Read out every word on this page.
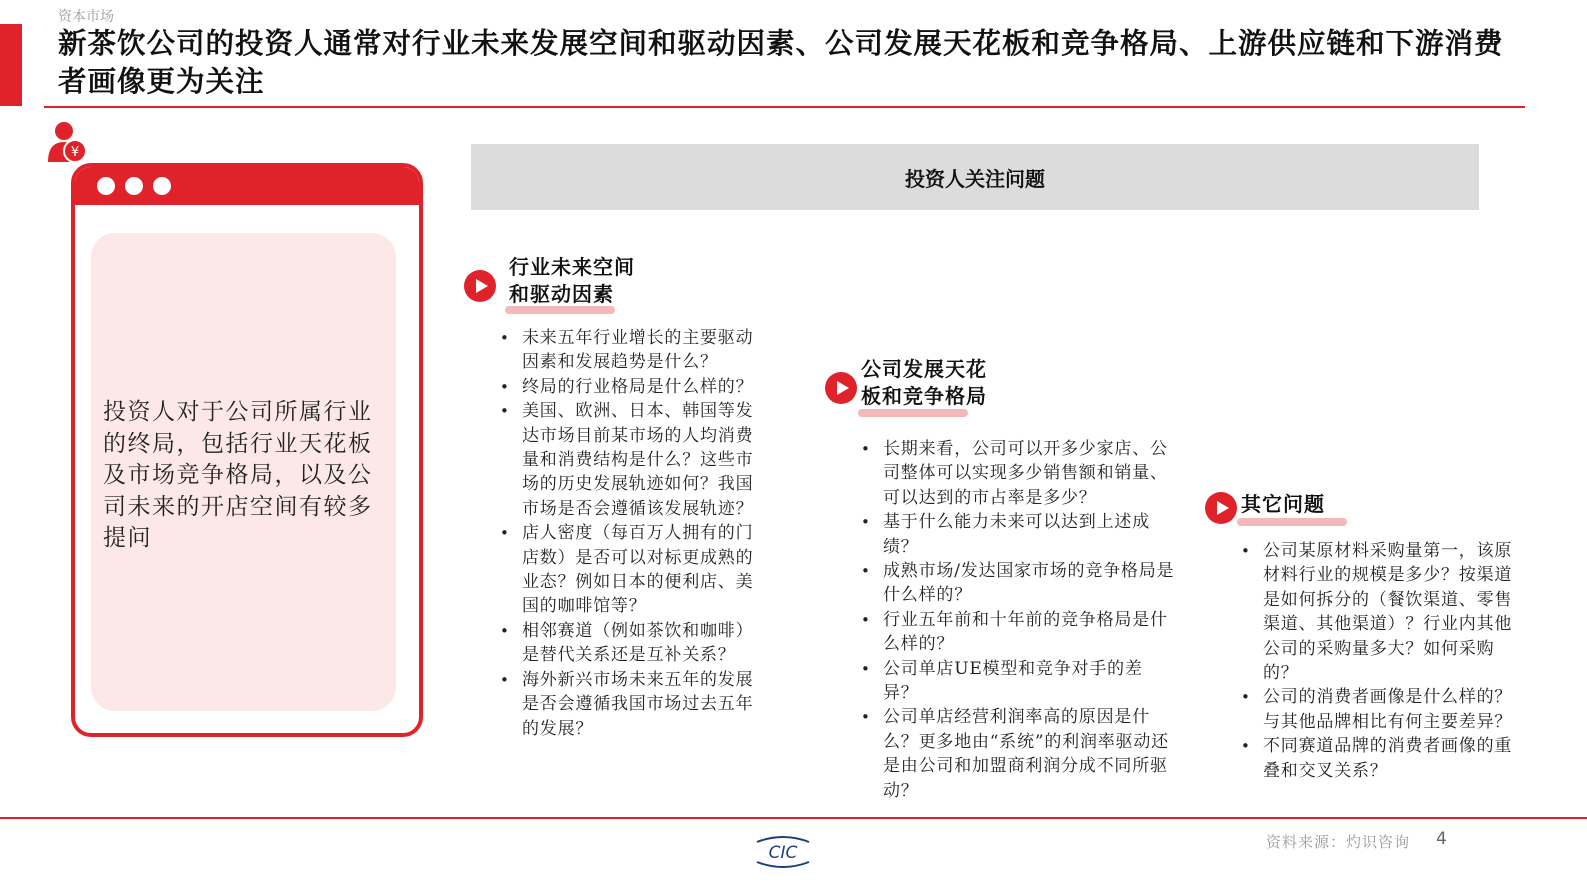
资本市场
新茶饮公司的投资人通常对行业未来发展空间和驱动因素、公司发展天花板和竞争格局、上游供应链和下游消费者画像更为关注
¥
投资人对于公司所属行业的终局，包括行业天花板及市场竞争格局，以及公司未来的开店空间有较多提问
投资人关注问题
行业未来空间
和驱动因素
• 未来五年行业增长的主要驱动因素和发展趋势是什么？
• 终局的行业格局是什么样的？
• 美国、欧洲、日本、韩国等发达市场目前某市场的人均消费量和消费结构是什么？这些市场的历史发展轨迹如何？我国市场是否会遵循该发展轨迹？
• 店人密度（每百万人拥有的门店数）是否可以对标更成熟的业态？例如日本的便利店、美国的咖啡馆等？
• 相邻赛道（例如茶饮和咖啡）是替代关系还是互补关系？
• 海外新兴市场未来五年的发展是否会遵循我国市场过去五年的发展？
公司发展天花
板和竞争格局
• 长期来看，公司可以开多少家店、公司整体可以实现多少销售额和销量、可以达到的市占率是多少？
• 基于什么能力未来可以达到上述成绩？
• 成熟市场/发达国家市场的竞争格局是什么样的？
• 行业五年前和十年前的竞争格局是什么样的？
• 公司单店UE模型和竞争对手的差异？
• 公司单店经营利润率高的原因是什么？更多地由“系统”的利润率驱动还是由公司和加盟商利润分成不同所驱动？
其它问题
• 公司某原材料采购量第一，该原材料行业的规模是多少？按渠道是如何拆分的（餐饮渠道、零售渠道、其他渠道）？行业内其他公司的采购量多大？如何采购的？
• 公司的消费者画像是什么样的？与其他品牌相比有何主要差异？
• 不同赛道品牌的消费者画像的重叠和交叉关系？
CIC
资料来源：灼识咨询 4
